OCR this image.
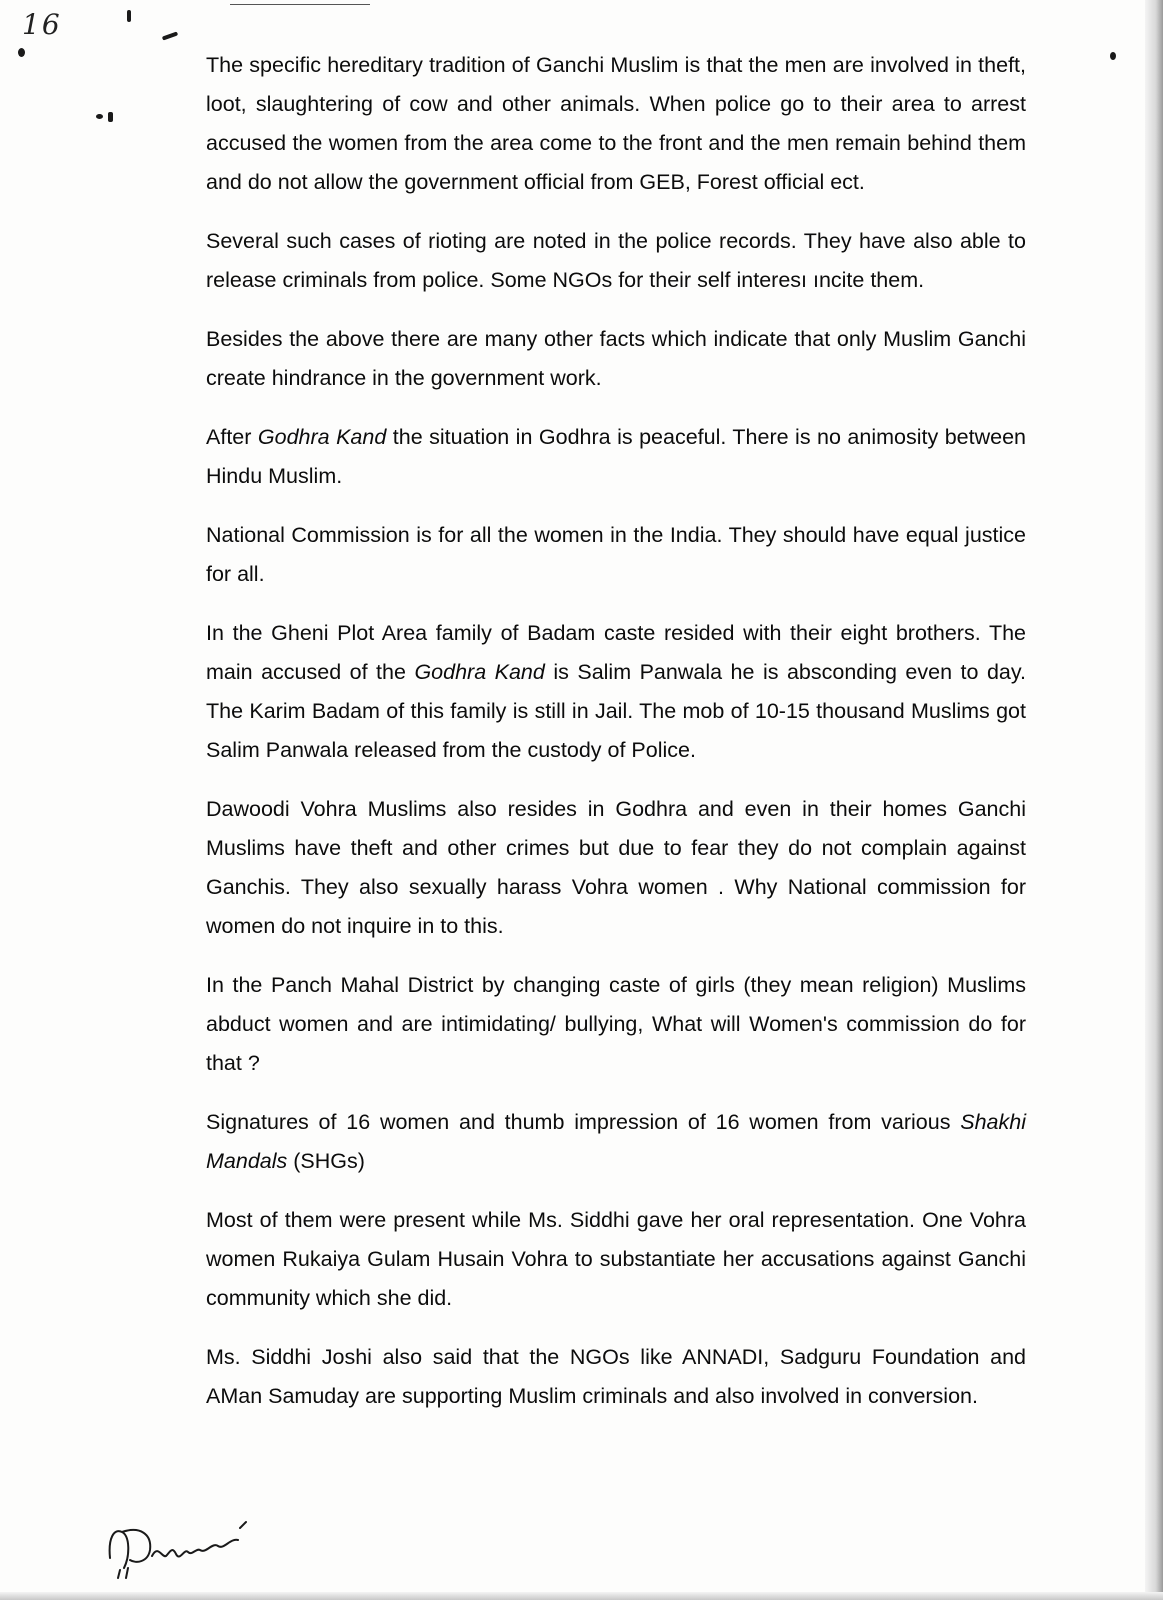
16

The specific hereditary tradition of Ganchi Muslim is that the men are involved in theft, loot, slaughtering of cow and other animals. When police go to their area to arrest accused the women from the area come to the front and the men remain behind them and do not allow the government official from GEB, Forest official ect.

Several such cases of rioting are noted in the police records. They have also able to release criminals from police. Some NGOs for their self interesı ıncite them.

Besides the above there are many other facts which indicate that only Muslim Ganchi create hindrance in the government work.

After Godhra Kand the situation in Godhra is peaceful. There is no animosity between Hindu Muslim.

National Commission is for all the women in the India. They should have equal justice for all.

In the Gheni Plot Area family of Badam caste resided with their eight brothers. The main accused of the Godhra Kand is Salim Panwala he is absconding even to day. The Karim Badam of this family is still in Jail. The mob of 10-15 thousand Muslims got Salim Panwala released from the custody of Police.

Dawoodi Vohra Muslims also resides in Godhra and even in their homes Ganchi Muslims have theft and other crimes but due to fear they do not complain against Ganchis. They also sexually harass Vohra women . Why National commission for women do not inquire in to this.

In the Panch Mahal District by changing caste of girls (they mean religion) Muslims abduct women and are intimidating/ bullying, What will Women's commission do for that ?

Signatures of 16 women and thumb impression of 16 women from various Shakhi Mandals (SHGs)

Most of them were present while Ms. Siddhi gave her oral representation. One Vohra women Rukaiya Gulam Husain Vohra to substantiate her accusations against Ganchi community which she did.

Ms. Siddhi Joshi also said that the NGOs like ANNADI, Sadguru Foundation and AMan Samuday are supporting Muslim criminals and also involved in conversion.
